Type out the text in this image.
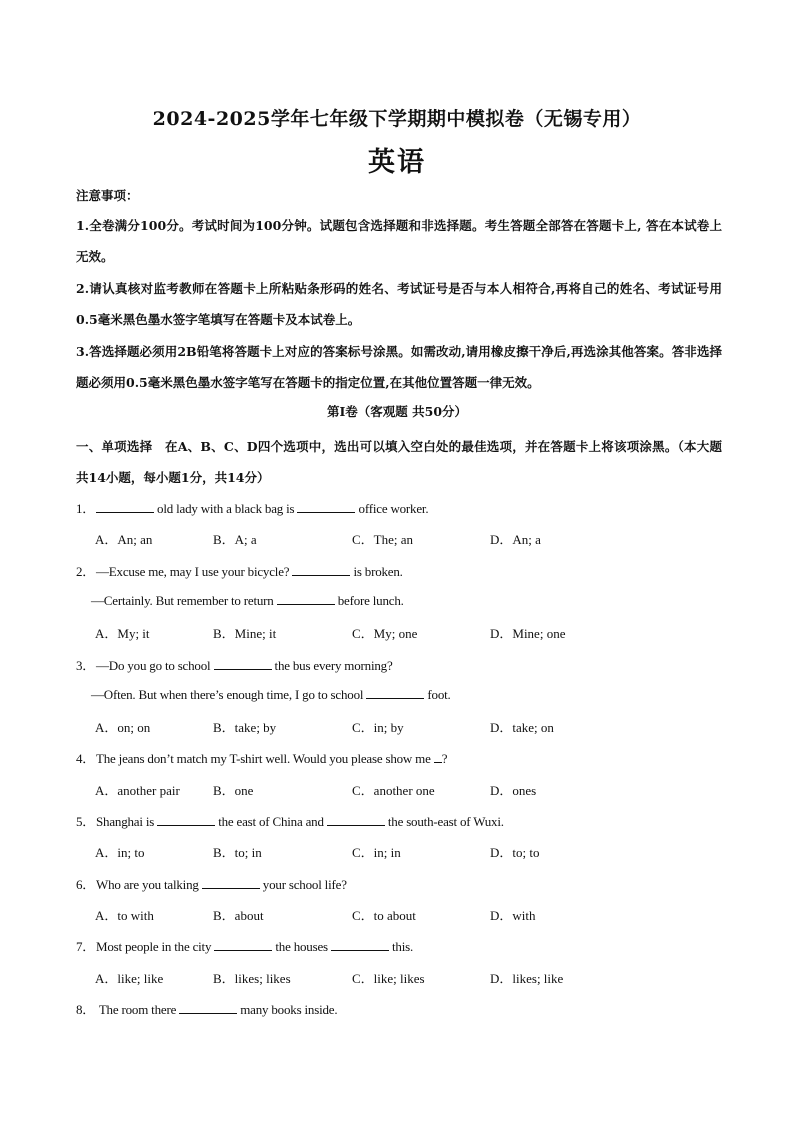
2024-2025学年七年级下学期期中模拟卷（无锡专用）
英语
注意事项：
1.全卷满分100分。考试时间为100分钟。试题包含选择题和非选择题。考生答题全部答在答题卡上, 答在本试卷上无效。
2.请认真核对监考教师在答题卡上所粘贴条形码的姓名、考试证号是否与本人相符合,再将自己的姓名、考试证号用0.5毫米黑色墨水签字笔填写在答题卡及本试卷上。
3.答选择题必须用2B铅笔将答题卡上对应的答案标号涂黑。如需改动,请用橡皮擦干净后,再选涂其他答案。答非选择题必须用0.5毫米黑色墨水签字笔写在答题卡的指定位置,在其他位置答题一律无效。
第I卷（客观题 共50分）
一、单项选择　在A、B、C、D四个选项中，选出可以填入空白处的最佳选项，并在答题卡上将该项涂黑。（本大题共14小题，每小题1分，共14分）
1．	old lady with a black bag is	office worker.
A．An; an	B．A; a	C．The; an	D．An; a
2．—Excuse me, may I use your bicycle?	is broken.
—Certainly. But remember to return	before lunch.
A．My; it	B．Mine; it	C．My; one	D．Mine; one
3．—Do you go to school	the bus every morning?
—Often. But when there’s enough time, I go to school	foot.
A．on; on	B．take; by	C．in; by	D．take; on
4．The jeans don’t match my T-shirt well. Would you please show me ?
A．another pair	B．one	C．another one	D．ones
5．Shanghai is	the east of China and	the south-east of Wuxi.
A．in; to	B．to; in	C．in; in	D．to; to
6．Who are you talking	your school life?
A．to with	B．about	C．to about	D．with
7．Most people in the city	the houses	this.
A．like; like	B．likes; likes	C．like; likes	D．likes; like
8． The room there	many books inside.
